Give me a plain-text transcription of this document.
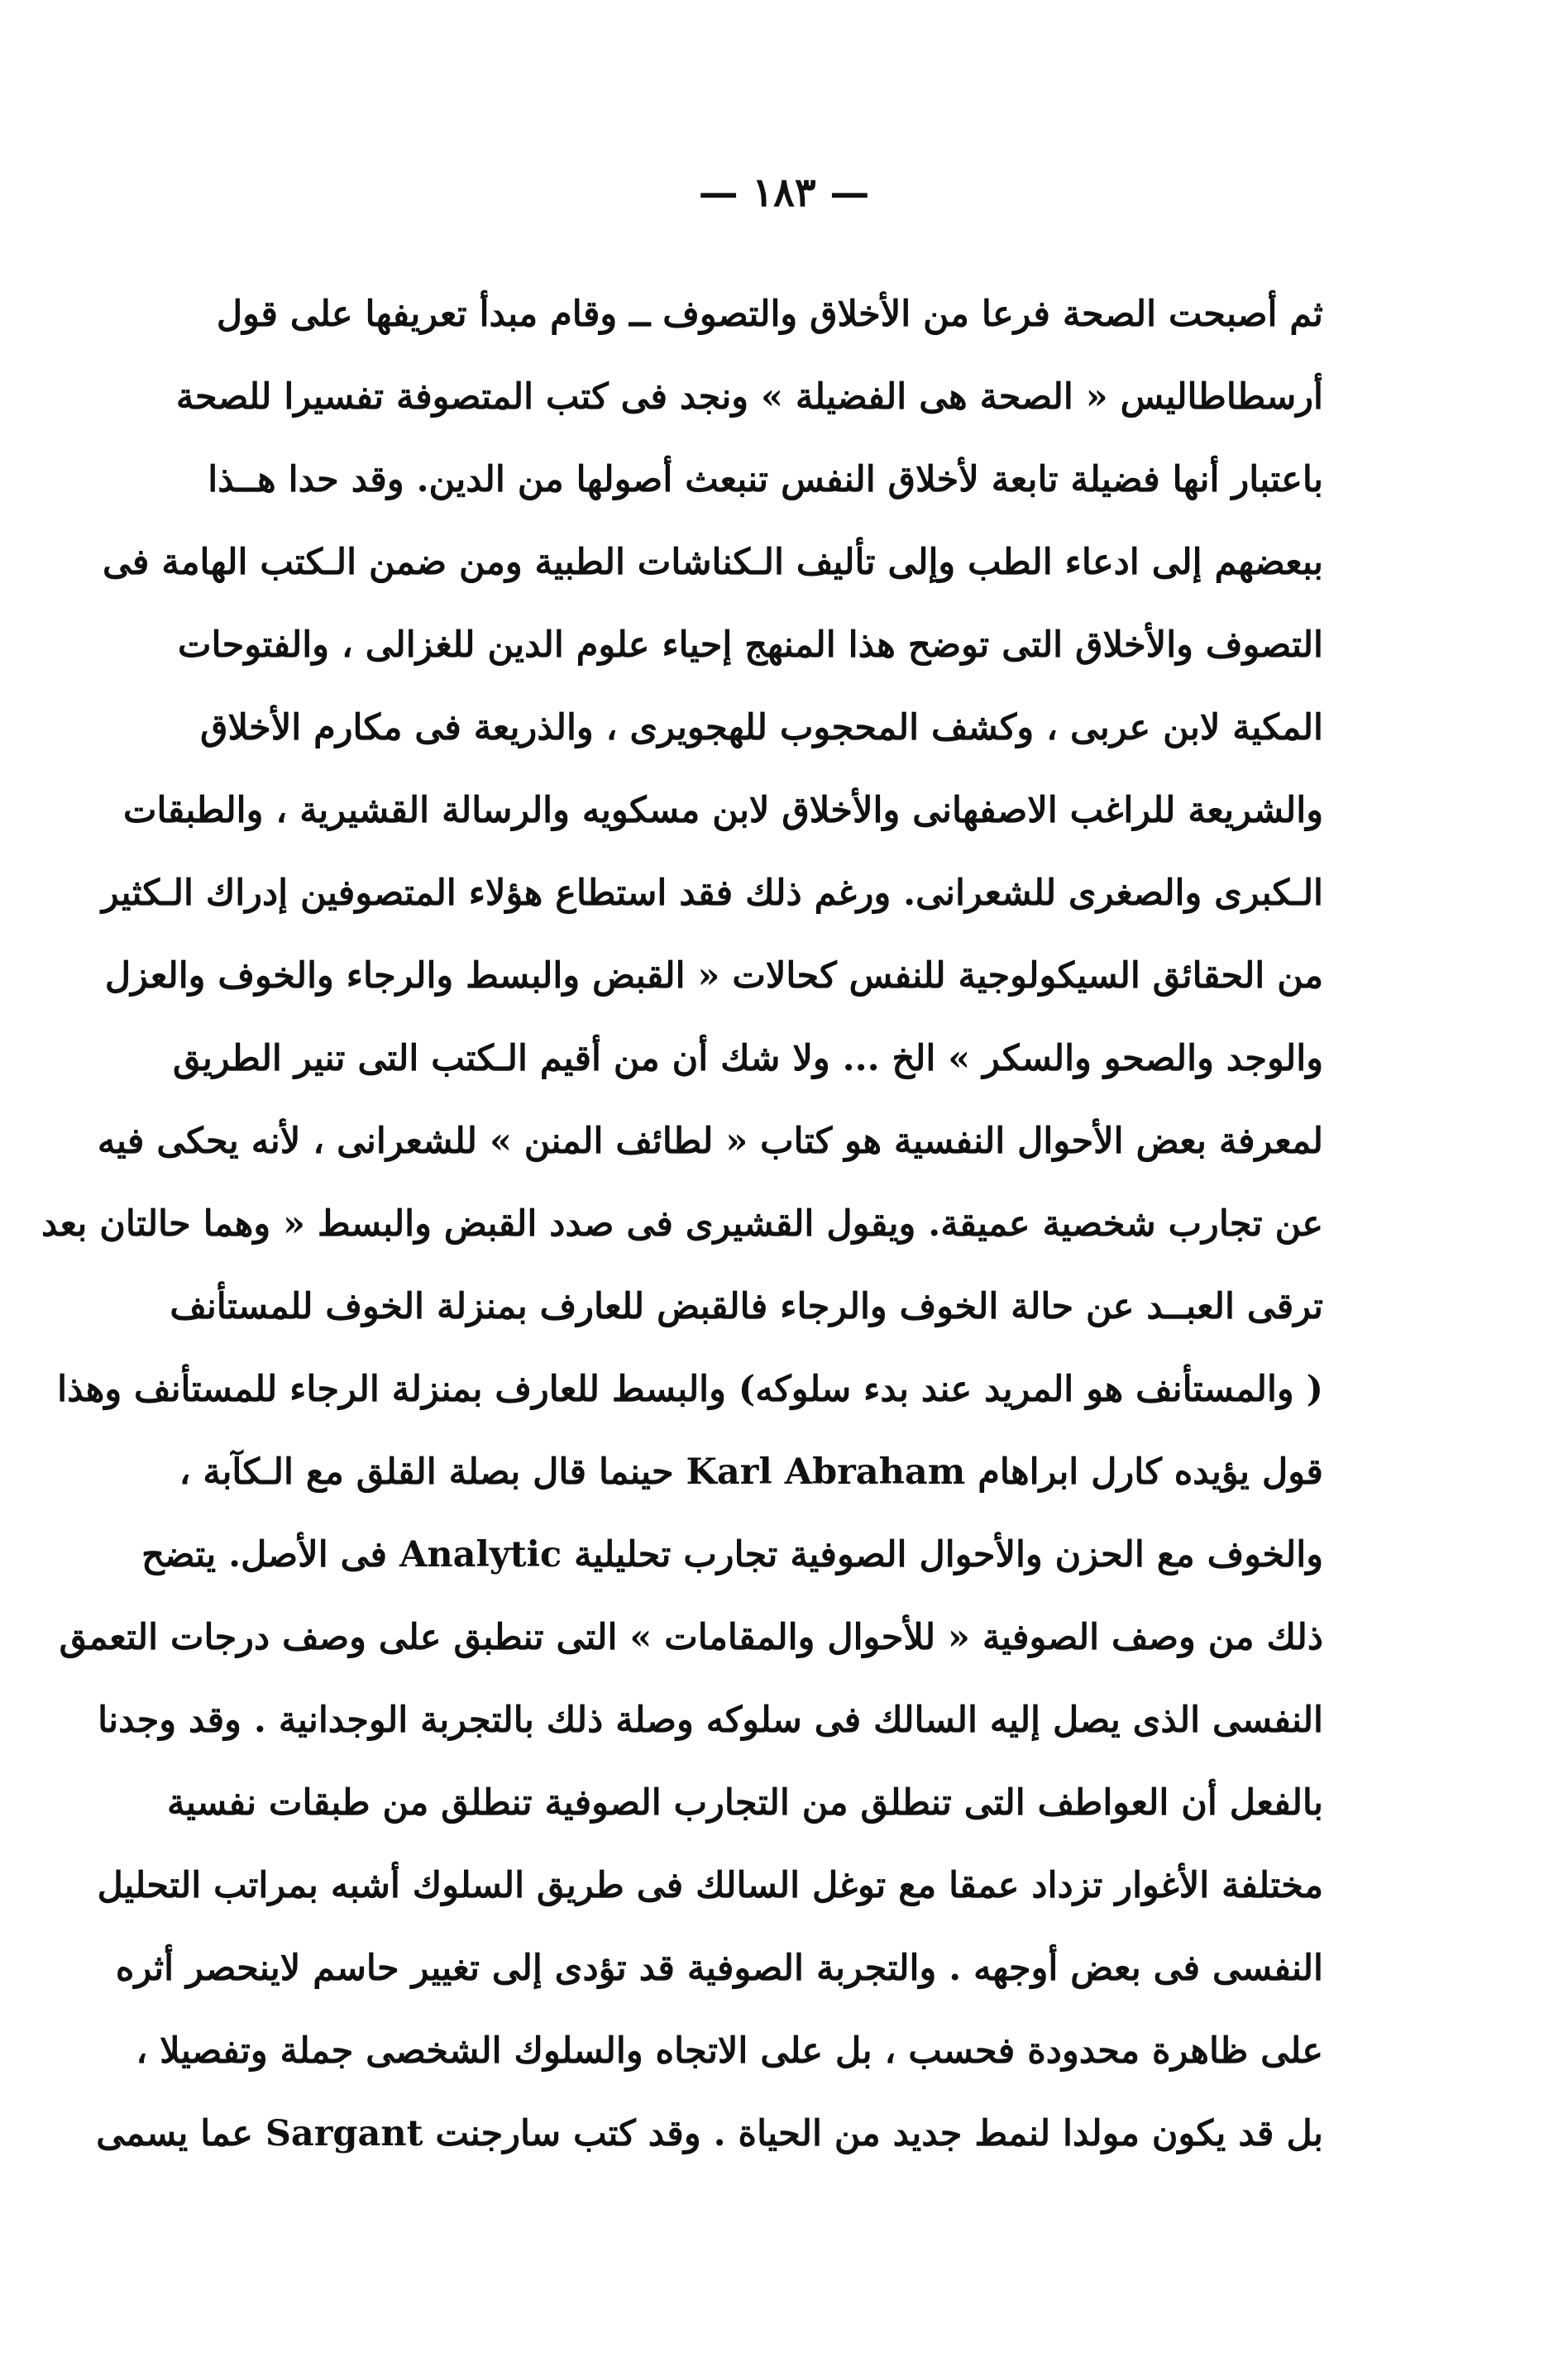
— ١٨٣ —
ثم أصبحت الصحة فرعا من الأخلاق والتصوف ــ وقام مبدأ تعريفها على قول
أرسطاطاليس « الصحة هى الفضيلة » ونجد فى كتب المتصوفة تفسيرا للصحة
باعتبار أنها فضيلة تابعة لأخلاق النفس تنبعث أصولها من الدين. وقد حدا هــذا
ببعضهم إلى ادعاء الطب وإلى تأليف الـكناشات الطبية ومن ضمن الـكتب الهامة فى
التصوف والأخلاق التى توضح هذا المنهج إحياء علوم الدين للغزالى ، والفتوحات
المكية لابن عربى ، وكشف المحجوب للهجويرى ، والذريعة فى مكارم الأخلاق
والشريعة للراغب الاصفهانى والأخلاق لابن مسكويه والرسالة القشيرية ، والطبقات
الـكبرى والصغرى للشعرانى. ورغم ذلك فقد استطاع هؤلاء المتصوفين إدراك الـكثير
من الحقائق السيكولوجية للنفس كحالات « القبض والبسط والرجاء والخوف والعزل
والوجد والصحو والسكر » الخ ... ولا شك أن من أقيم الـكتب التى تنير الطريق
لمعرفة بعض الأحوال النفسية هو كتاب « لطائف المنن » للشعرانى ، لأنه يحكى فيه
عن تجارب شخصية عميقة. ويقول القشيرى فى صدد القبض والبسط « وهما حالتان بعد
ترقى العبــد عن حالة الخوف والرجاء فالقبض للعارف بمنزلة الخوف للمستأنف
( والمستأنف هو المريد عند بدء سلوكه) والبسط للعارف بمنزلة الرجاء للمستأنف وهذا
قول يؤيده كارل ابراهام Karl Abraham حينما قال بصلة القلق مع الـكآبة ،
والخوف مع الحزن والأحوال الصوفية تجارب تحليلية Analytic فى الأصل. يتضح
ذلك من وصف الصوفية « للأحوال والمقامات » التى تنطبق على وصف درجات التعمق
النفسى الذى يصل إليه السالك فى سلوكه وصلة ذلك بالتجربة الوجدانية . وقد وجدنا
بالفعل أن العواطف التى تنطلق من التجارب الصوفية تنطلق من طبقات نفسية
مختلفة الأغوار تزداد عمقا مع توغل السالك فى طريق السلوك أشبه بمراتب التحليل
النفسى فى بعض أوجهه . والتجربة الصوفية قد تؤدى إلى تغيير حاسم لاينحصر أثره
على ظاهرة محدودة فحسب ، بل على الاتجاه والسلوك الشخصى جملة وتفصيلا ،
بل قد يكون مولدا لنمط جديد من الحياة . وقد كتب سارجنت Sargant عما يسمى
